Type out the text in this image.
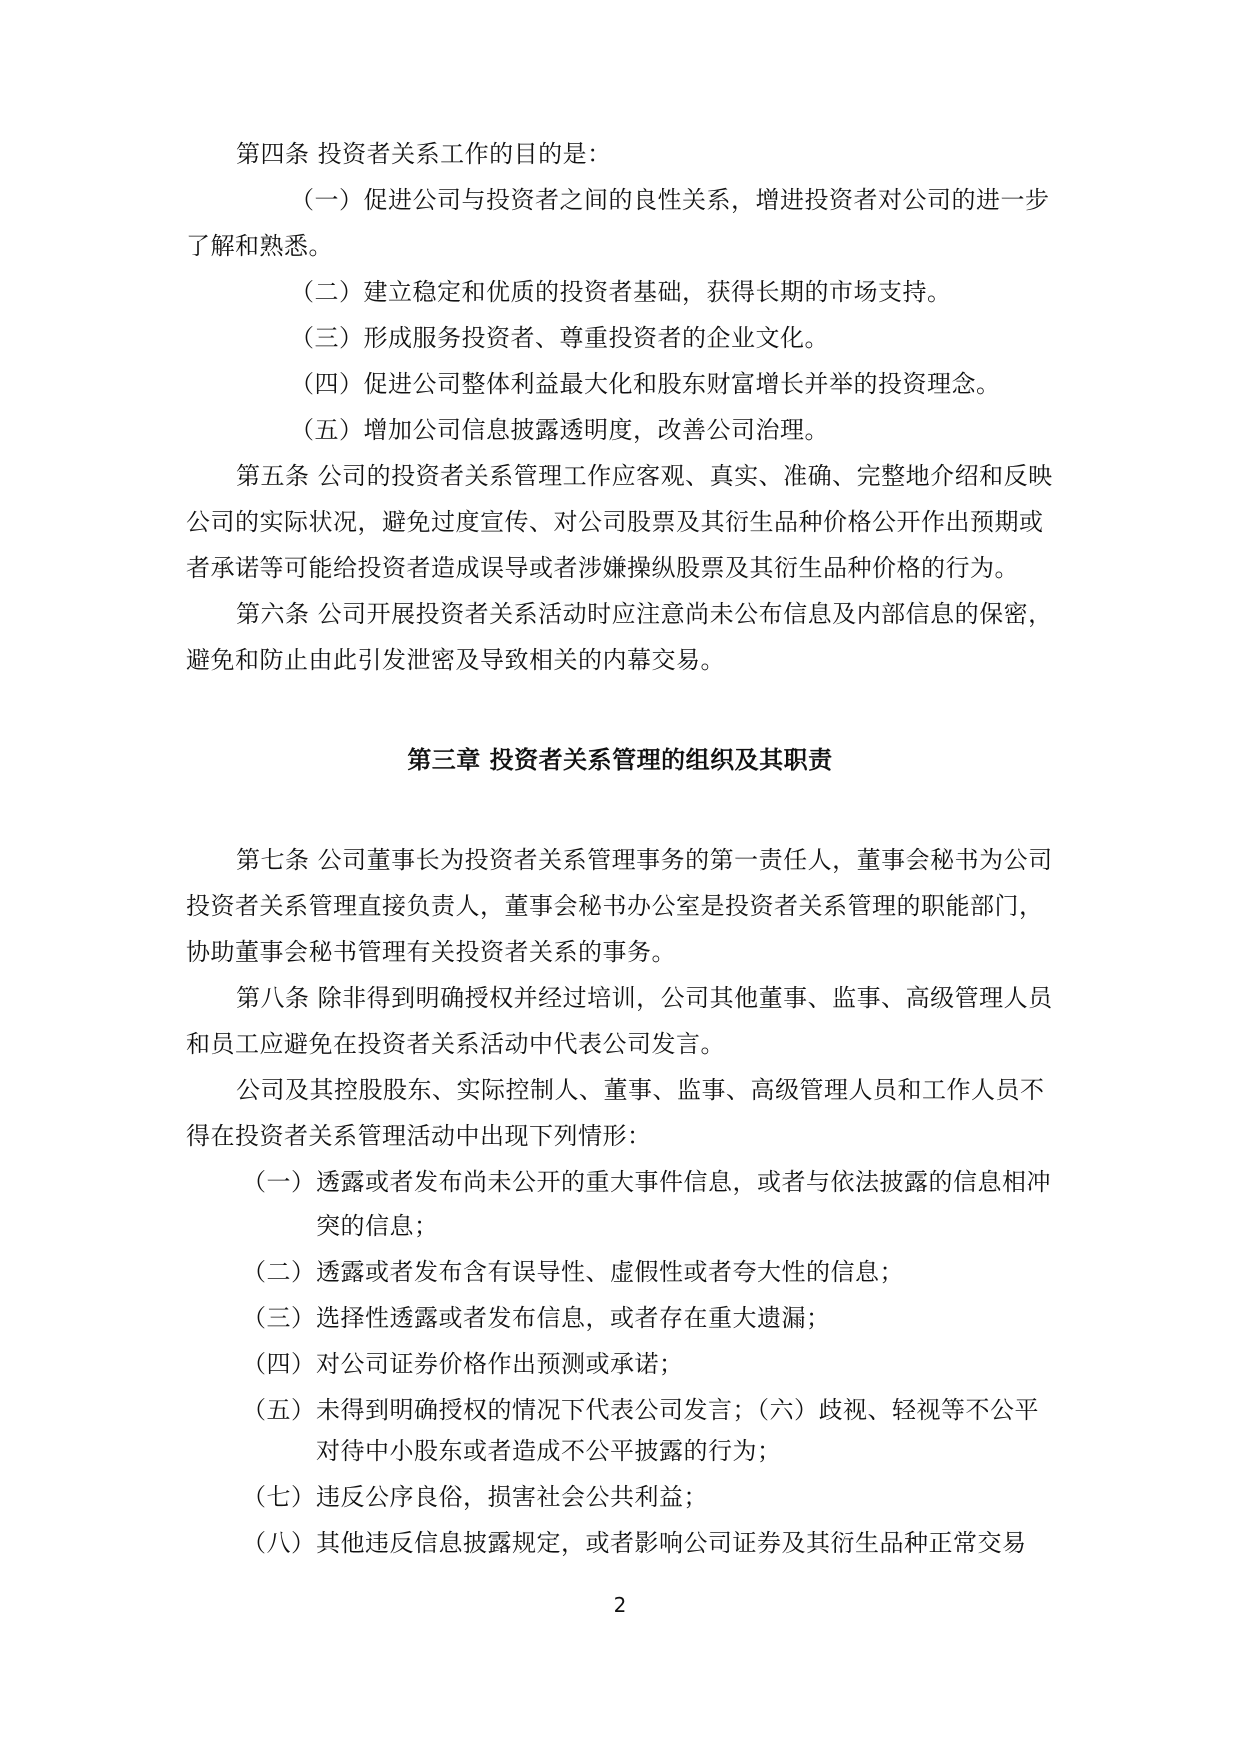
第四条 投资者关系工作的目的是：
（一）促进公司与投资者之间的良性关系，增进投资者对公司的进一步
了解和熟悉。
（二）建立稳定和优质的投资者基础，获得长期的市场支持。
（三）形成服务投资者、尊重投资者的企业文化。
（四）促进公司整体利益最大化和股东财富增长并举的投资理念。
（五）增加公司信息披露透明度，改善公司治理。
第五条 公司的投资者关系管理工作应客观、真实、准确、完整地介绍和反映
公司的实际状况，避免过度宣传、对公司股票及其衍生品种价格公开作出预期或
者承诺等可能给投资者造成误导或者涉嫌操纵股票及其衍生品种价格的行为。
第六条 公司开展投资者关系活动时应注意尚未公布信息及内部信息的保密，
避免和防止由此引发泄密及导致相关的内幕交易。
第三章 投资者关系管理的组织及其职责
第七条 公司董事长为投资者关系管理事务的第一责任人，董事会秘书为公司
投资者关系管理直接负责人，董事会秘书办公室是投资者关系管理的职能部门，
协助董事会秘书管理有关投资者关系的事务。
第八条 除非得到明确授权并经过培训，公司其他董事、监事、高级管理人员
和员工应避免在投资者关系活动中代表公司发言。
公司及其控股股东、实际控制人、董事、监事、高级管理人员和工作人员不
得在投资者关系管理活动中出现下列情形：
（一） 透露或者发布尚未公开的重大事件信息，或者与依法披露的信息相冲
突的信息；
（二） 透露或者发布含有误导性、虚假性或者夸大性的信息；
（三） 选择性透露或者发布信息，或者存在重大遗漏；
（四） 对公司证券价格作出预测或承诺；
（五） 未得到明确授权的情况下代表公司发言；（六）歧视、轻视等不公平
对待中小股东或者造成不公平披露的行为；
（七） 违反公序良俗，损害社会公共利益；
（八） 其他违反信息披露规定，或者影响公司证券及其衍生品种正常交易
2
